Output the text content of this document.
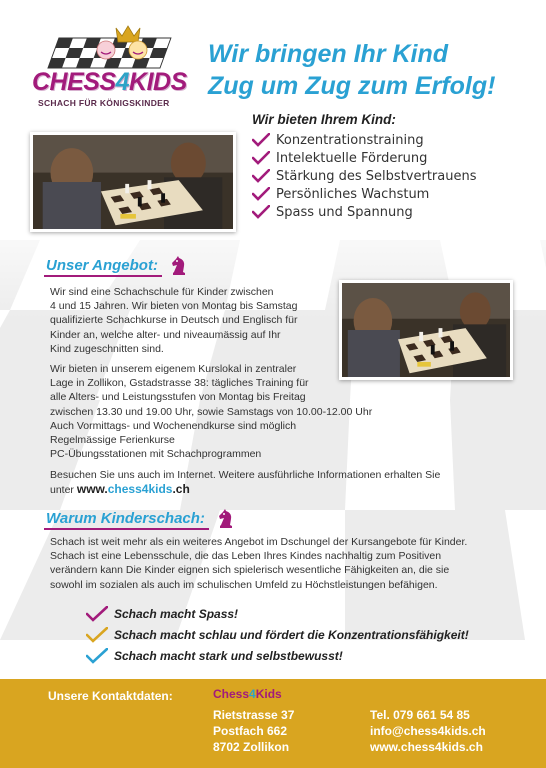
CHESS4KIDS
SCHACH FÜR KÖNIGSKINDER
Wir bringen Ihr Kind
Zug um Zug zum Erfolg!
Wir bieten Ihrem Kind:
Konzentrationstraining
Intelektuelle Förderung
Stärkung des Selbstvertrauens
Persönliches Wachstum
Spass und Spannung
Unser Angebot:
Wir sind eine Schachschule für Kinder zwischen
4 und 15 Jahren. Wir bieten von Montag bis Samstag
qualifizierte Schachkurse in Deutsch und Englisch für
Kinder an, welche alter- und niveaumässig auf Ihr
Kind zugeschnitten sind.
Wir bieten in unserem eigenem Kurslokal in zentraler
Lage in Zollikon, Gstadstrasse 38: tägliches Training für
alle Alters- und Leistungsstufen von Montag bis Freitag
zwischen 13.30 und 19.00 Uhr, sowie Samstags von 10.00-12.00 Uhr
Auch Vormittags- und Wochenendkurse sind möglich
Regelmässige Ferienkurse
PC-Übungsstationen mit Schachprogrammen
Besuchen Sie uns auch im Internet. Weitere ausführliche Informationen erhalten Sie
unter www.chess4kids.ch
Warum Kinderschach:
Schach ist weit mehr als ein weiteres Angebot im Dschungel der Kursangebote für Kinder.
Schach ist eine Lebensschule, die das Leben Ihres Kindes nachhaltig zum Positiven
verändern kann Die Kinder eignen sich spielerisch wesentliche Fähigkeiten an, die sie
sowohl im sozialen als auch im schulischen Umfeld zu Höchstleistungen befähigen.
Schach macht Spass!
Schach macht schlau und fördert die Konzentrationsfähigkeit!
Schach macht stark und selbstbewusst!
Unsere Kontaktdaten:	Chess4Kids
Rietstrasse 37
Postfach 662
8702 Zollikon
Tel. 079 661 54 85
info@chess4kids.ch
www.chess4kids.ch
